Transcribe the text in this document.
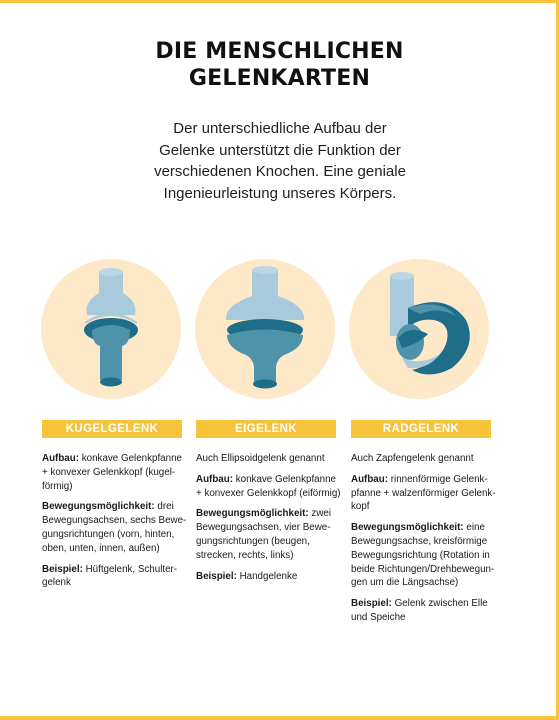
DIE MENSCHLICHEN
GELENKARTEN
Der unterschiedliche Aufbau der
Gelenke unterstützt die Funktion der
verschiedenen Knochen. Eine geniale
Ingenieurleistung unseres Körpers.
KUGELGELENK

Aufbau: konkave Gelenkpfanne
+ konvexer Gelenkkopf (kugel-
förmig)

Bewegungsmöglichkeit: drei
Bewegungsachsen, sechs Bewe-
gungsrichtungen (vorn, hinten,
oben, unten, innen, außen)

Beispiel: Hüftgelenk, Schulter-
gelenk

EIGELENK

Auch Ellipsoidgelenk genannt

Aufbau: konkave Gelenkpfanne
+ konvexer Gelenkkopf (eiförmig)

Bewegungsmöglichkeit: zwei
Bewegungsachsen, vier Bewe-
gungsrichtungen (beugen,
strecken, rechts, links)

Beispiel: Handgelenke

RADGELENK

Auch Zapfengelenk genannt

Aufbau: rinnenförmige Gelenk-
pfanne + walzenförmiger Gelenk-
kopf

Bewegungsmöglichkeit: eine
Bewegungsachse, kreisförmige
Bewegungsrichtung (Rotation in
beide Richtungen/Drehbewegun-
gen um die Längsachse)

Beispiel: Gelenk zwischen Elle
und Speiche
